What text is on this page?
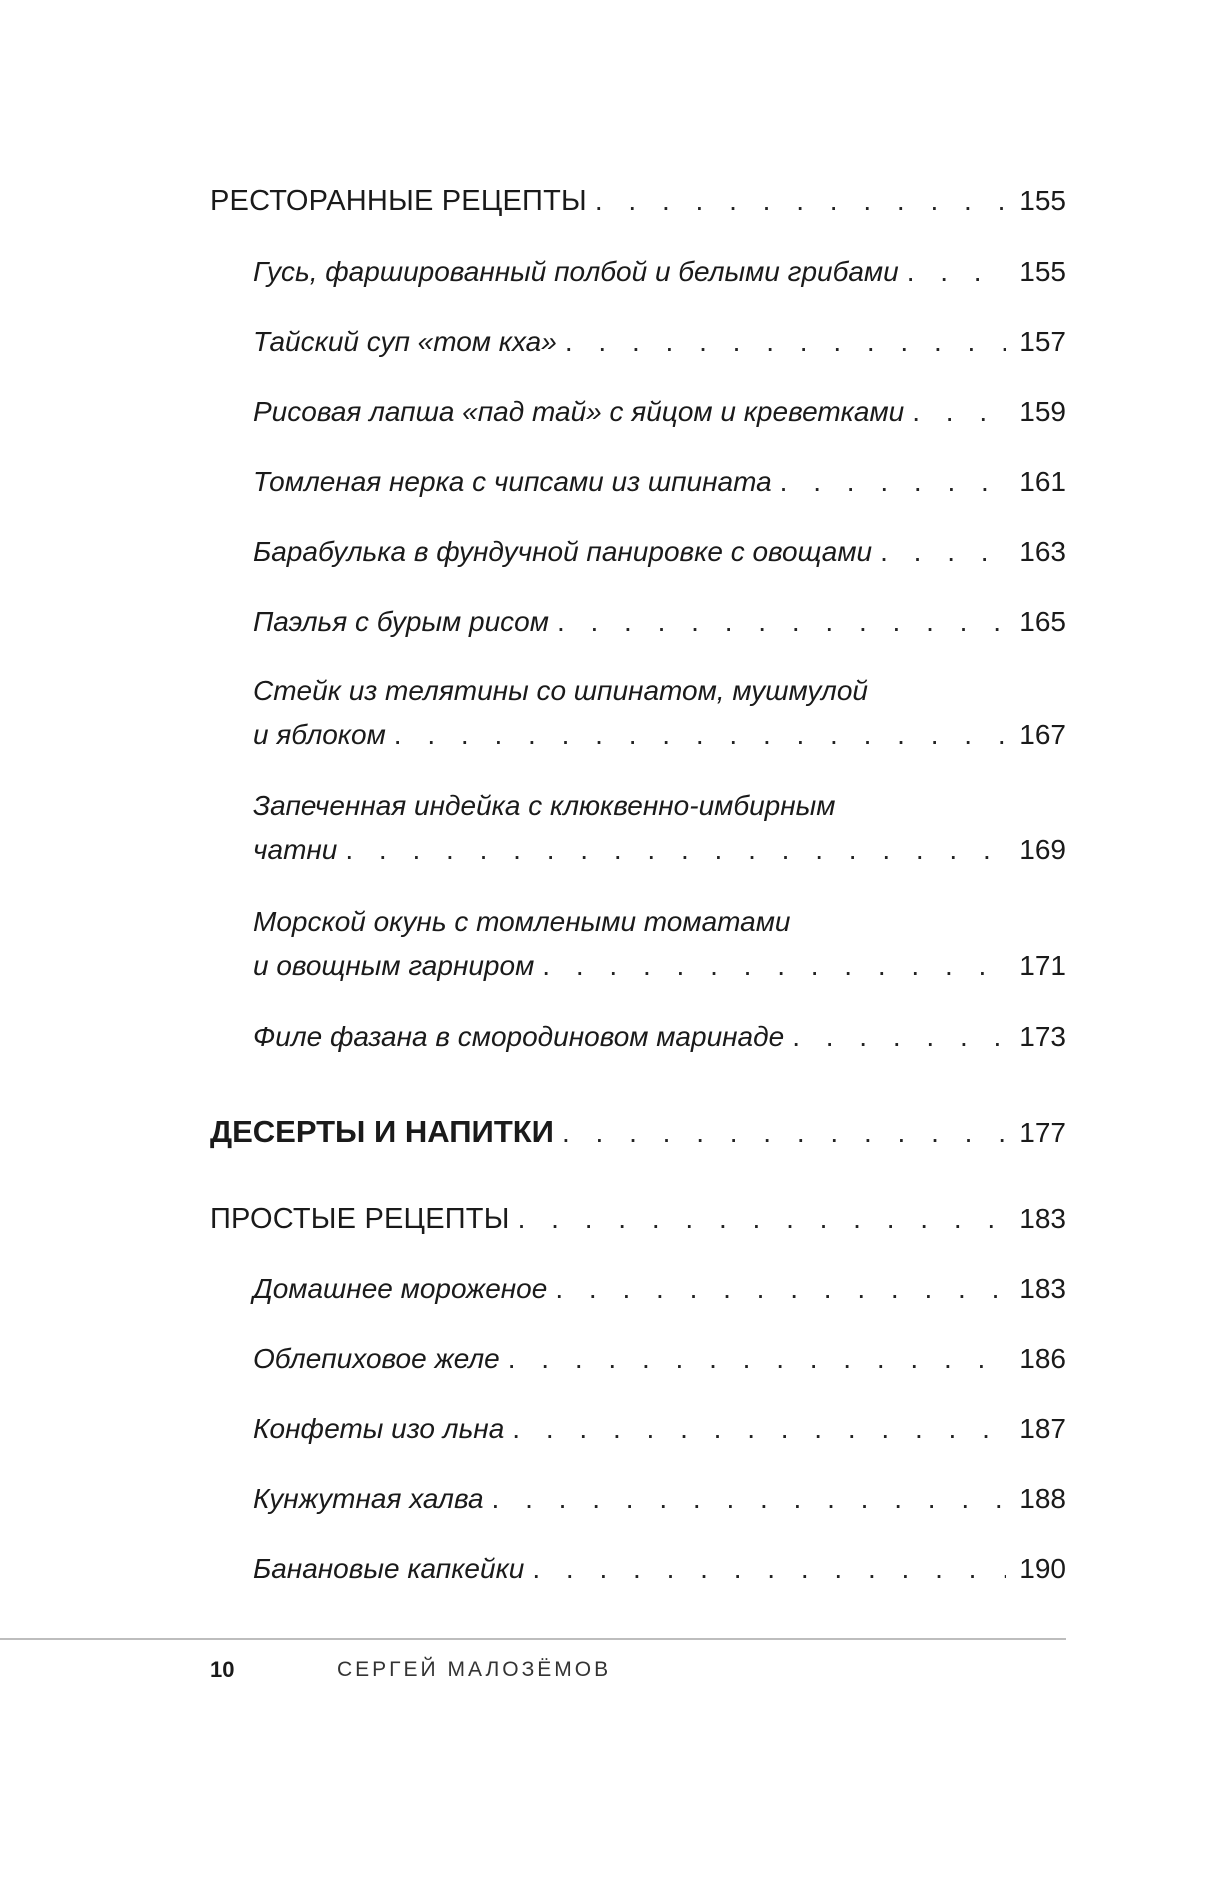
РЕСТОРАННЫЕ РЕЦЕПТЫ . . .	155
Гусь, фаршированный полбой и белыми грибами . . .	155
Тайский суп «том кха» . . .	157
Рисовая лапша «пад тай» с яйцом и креветками . . .	159
Томленая нерка с чипсами из шпината . . .	161
Барабулька в фундучной панировке с овощами . . .	163
Паэлья с бурым рисом . . .	165
Стейк из телятины со шпинатом, мушмулой
и яблоком . . .	167
Запеченная индейка с клюквенно-имбирным
чатни . . .	169
Морской окунь с томлеными томатами
и овощным гарниром . . .	171
Филе фазана в смородиновом маринаде . . .	173
ДЕСЕРТЫ И НАПИТКИ . . .	177
ПРОСТЫЕ РЕЦЕПТЫ . . .	183
Домашнее мороженое . . .	183
Облепиховое желе . . .	186
Конфеты изо льна . . .	187
Кунжутная халва . . .	188
Банановые капкейки . . .	190
10	СЕРГЕЙ МАЛОЗЁМОВ
